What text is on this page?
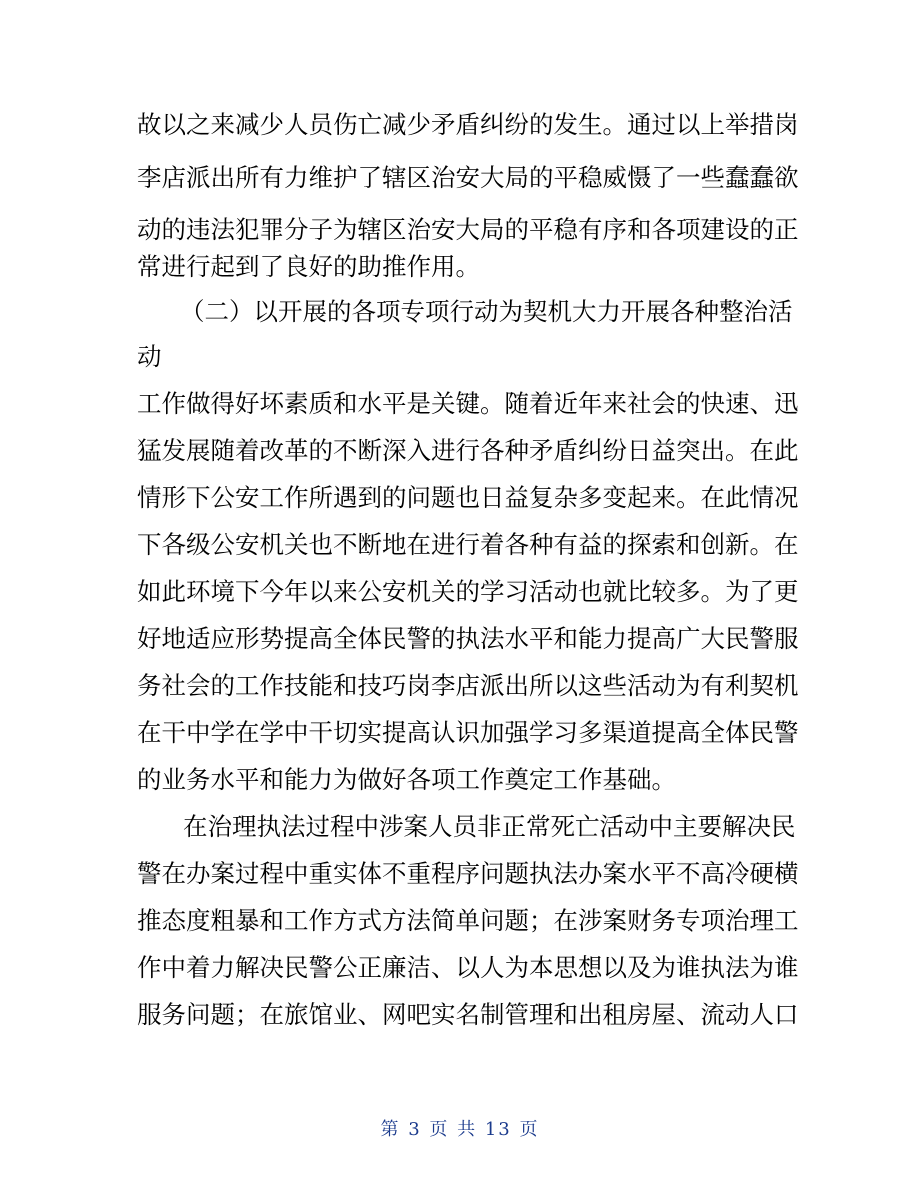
故以之来减少人员伤亡减少矛盾纠纷的发生。通过以上举措岗
李店派出所有力维护了辖区治安大局的平稳威慑了一些蠢蠢欲
动的违法犯罪分子为辖区治安大局的平稳有序和各项建设的正
常进行起到了良好的助推作用。
（二）以开展的各项专项行动为契机大力开展各种整治活
动
工作做得好坏素质和水平是关键。随着近年来社会的快速、迅
猛发展随着改革的不断深入进行各种矛盾纠纷日益突出。在此
情形下公安工作所遇到的问题也日益复杂多变起来。在此情况
下各级公安机关也不断地在进行着各种有益的探索和创新。在
如此环境下今年以来公安机关的学习活动也就比较多。为了更
好地适应形势提高全体民警的执法水平和能力提高广大民警服
务社会的工作技能和技巧岗李店派出所以这些活动为有利契机
在干中学在学中干切实提高认识加强学习多渠道提高全体民警
的业务水平和能力为做好各项工作奠定工作基础。
在治理执法过程中涉案人员非正常死亡活动中主要解决民
警在办案过程中重实体不重程序问题执法办案水平不高冷硬横
推态度粗暴和工作方式方法简单问题；在涉案财务专项治理工
作中着力解决民警公正廉洁、以人为本思想以及为谁执法为谁
服务问题；在旅馆业、网吧实名制管理和出租房屋、流动人口
第 3 页 共 13 页
